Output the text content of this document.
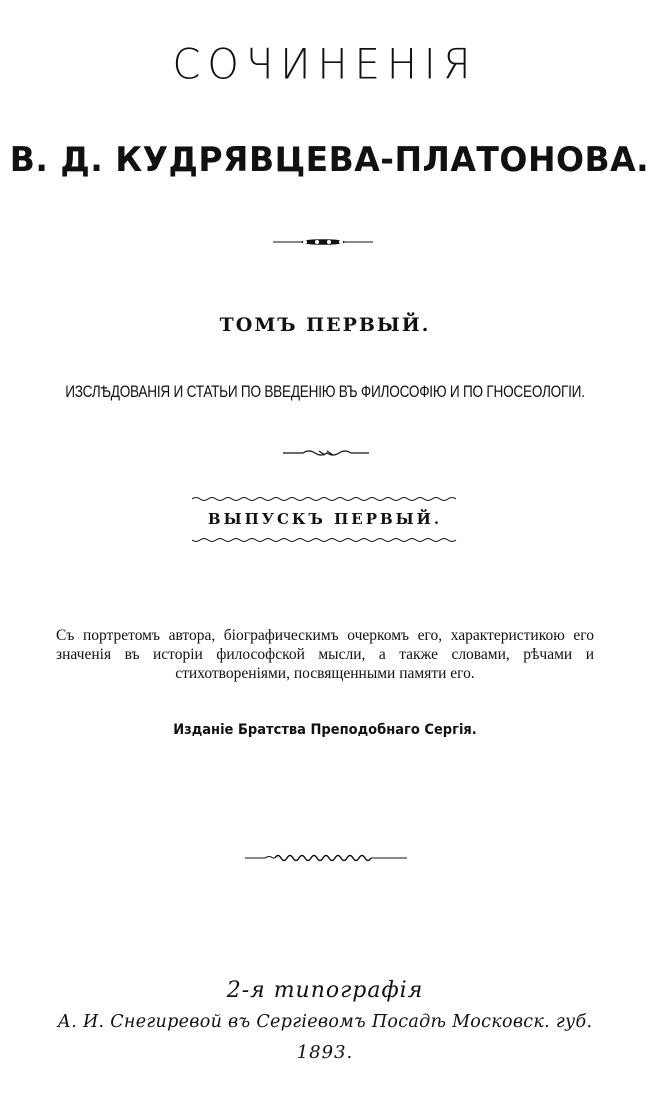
СОЧИНЕНІЯ
В. Д. КУДРЯВЦЕВА-ПЛАТОНОВА.
ТОМЪ ПЕРВЫЙ.
ИЗСЛѢДОВАНІЯ И СТАТЬИ ПО ВВЕДЕНІЮ ВЪ ФИЛОСОФІЮ И ПО ГНОСЕОЛОГІИ.
ВЫПУСКЪ ПЕРВЫЙ.
Съ портретомъ автора, біографическимъ очеркомъ его, характеристикою его значенія въ исторіи философской мысли, а также словами, рѣчами и стихотвореніями, посвященными памяти его.
Изданіе Братства Преподобнаго Сергія.
2-я типографія
А. И. Снегиревой въ Сергіевомъ Посадѣ Московск. губ.
1893.
